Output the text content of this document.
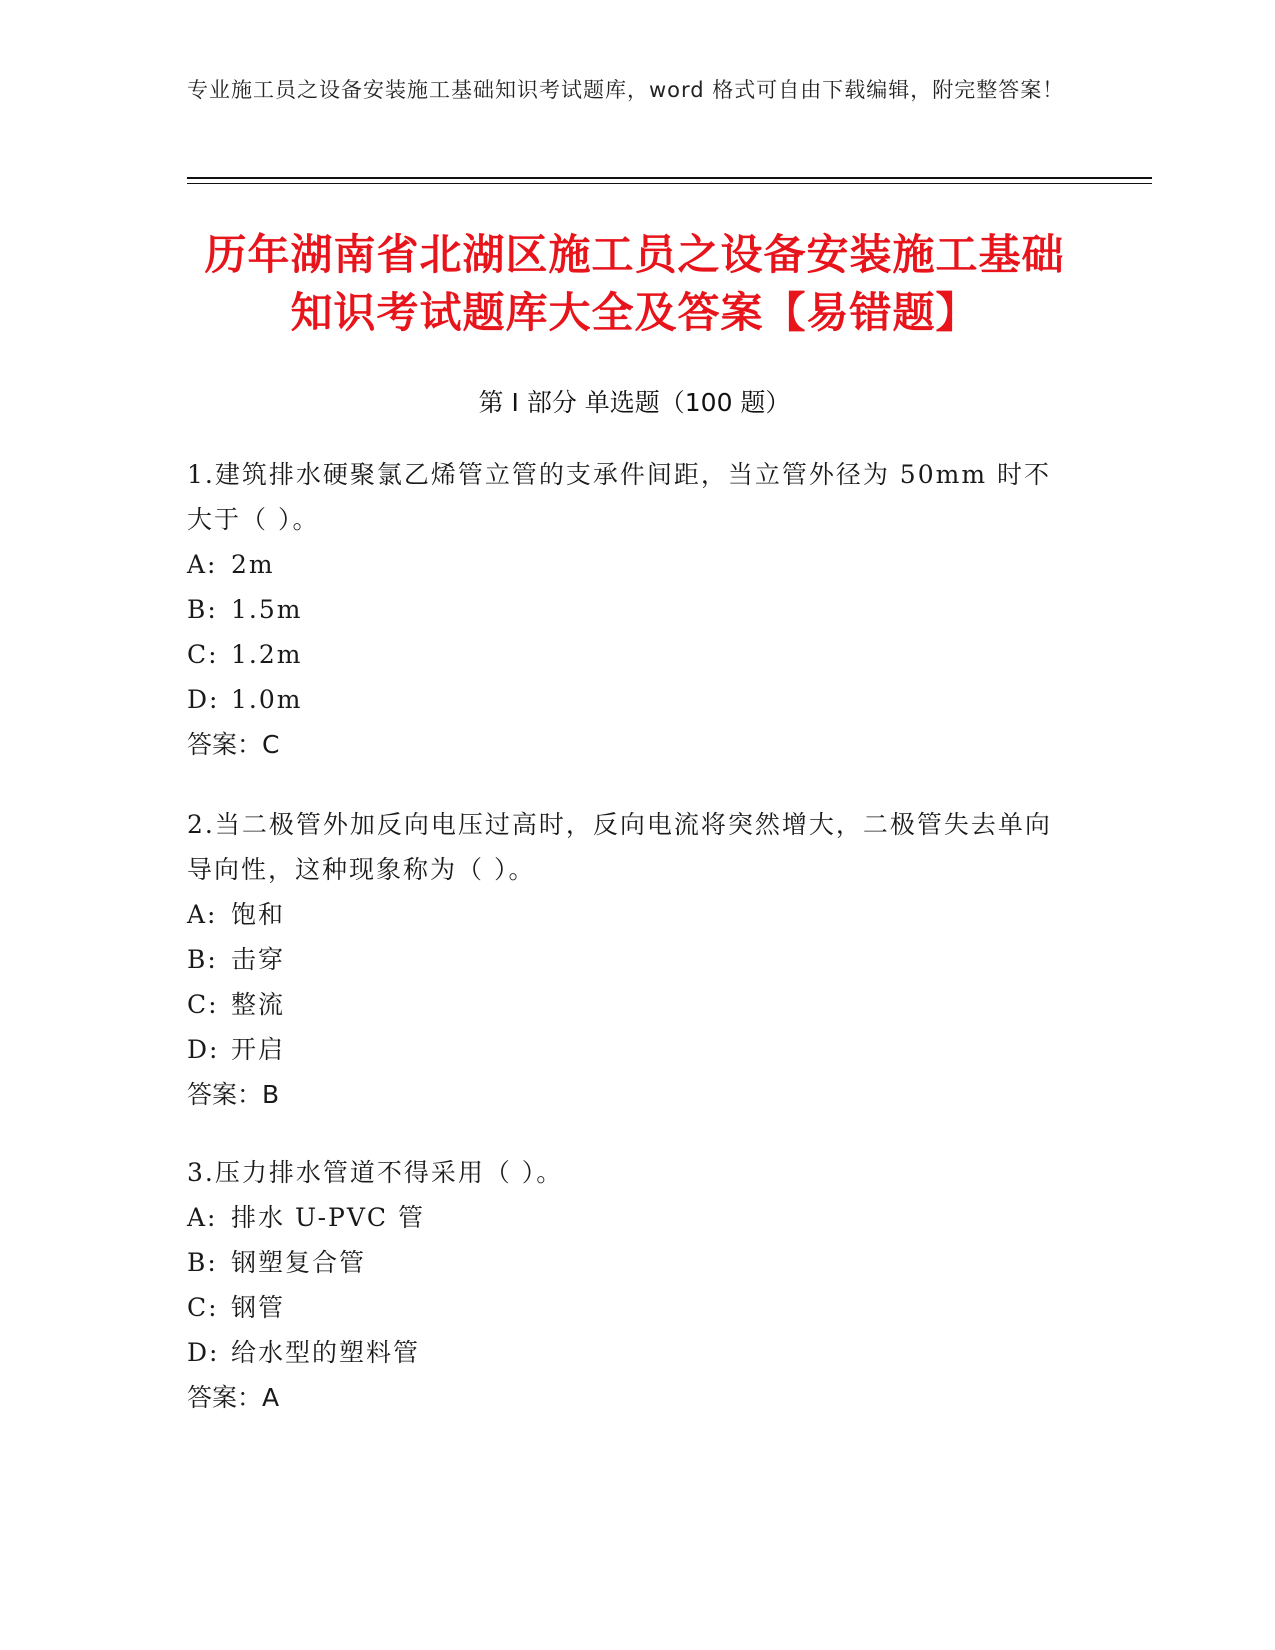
专业施工员之设备安装施工基础知识考试题库，word 格式可自由下载编辑，附完整答案！
历年湖南省北湖区施工员之设备安装施工基础知识考试题库大全及答案【易错题】
第 I 部分 单选题（100 题）
1.建筑排水硬聚氯乙烯管立管的支承件间距，当立管外径为 50mm 时不大于（ ）。
A: 2m
B: 1.5m
C: 1.2m
D: 1.0m
答案：C
2.当二极管外加反向电压过高时，反向电流将突然增大，二极管失去单向导向性，这种现象称为（ ）。
A: 饱和
B: 击穿
C: 整流
D: 开启
答案：B
3.压力排水管道不得采用（ ）。
A: 排水 U-PVC 管
B: 钢塑复合管
C: 钢管
D: 给水型的塑料管
答案：A
